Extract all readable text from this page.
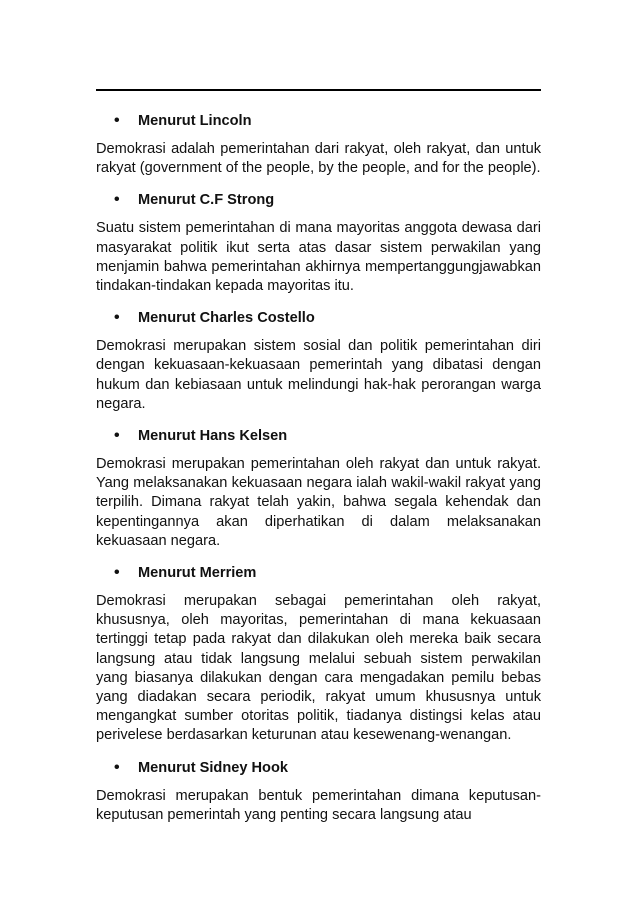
•	Menurut Lincoln

Demokrasi adalah pemerintahan dari rakyat, oleh rakyat, dan untuk rakyat (government of the people, by the people, and for the people).

•	Menurut C.F Strong

Suatu sistem pemerintahan di mana mayoritas anggota dewasa dari masyarakat politik ikut serta atas dasar sistem perwakilan yang menjamin bahwa pemerintahan akhirnya mempertanggungjawabkan tindakan-tindakan kepada mayoritas itu.

•	Menurut Charles Costello

Demokrasi merupakan sistem sosial dan politik pemerintahan diri dengan kekuasaan-kekuasaan pemerintah yang dibatasi dengan hukum dan kebiasaan untuk melindungi hak-hak perorangan warga negara.

•	Menurut Hans Kelsen

Demokrasi merupakan pemerintahan oleh rakyat dan untuk rakyat. Yang melaksanakan kekuasaan negara ialah wakil-wakil rakyat yang terpilih. Dimana rakyat telah yakin, bahwa segala kehendak dan kepentingannya akan diperhatikan di dalam melaksanakan kekuasaan negara.

•	Menurut Merriem

Demokrasi merupakan sebagai pemerintahan oleh rakyat, khususnya, oleh mayoritas, pemerintahan di mana kekuasaan tertinggi tetap pada rakyat dan dilakukan oleh mereka baik secara langsung atau tidak langsung melalui sebuah sistem perwakilan yang biasanya dilakukan dengan cara mengadakan pemilu bebas yang diadakan secara periodik, rakyat umum khususnya untuk mengangkat sumber otoritas politik, tiadanya distingsi kelas atau perivelese berdasarkan keturunan atau kesewenang-wenangan.

•	Menurut Sidney Hook

Demokrasi merupakan bentuk pemerintahan dimana keputusan-keputusan pemerintah yang penting secara langsung atau
